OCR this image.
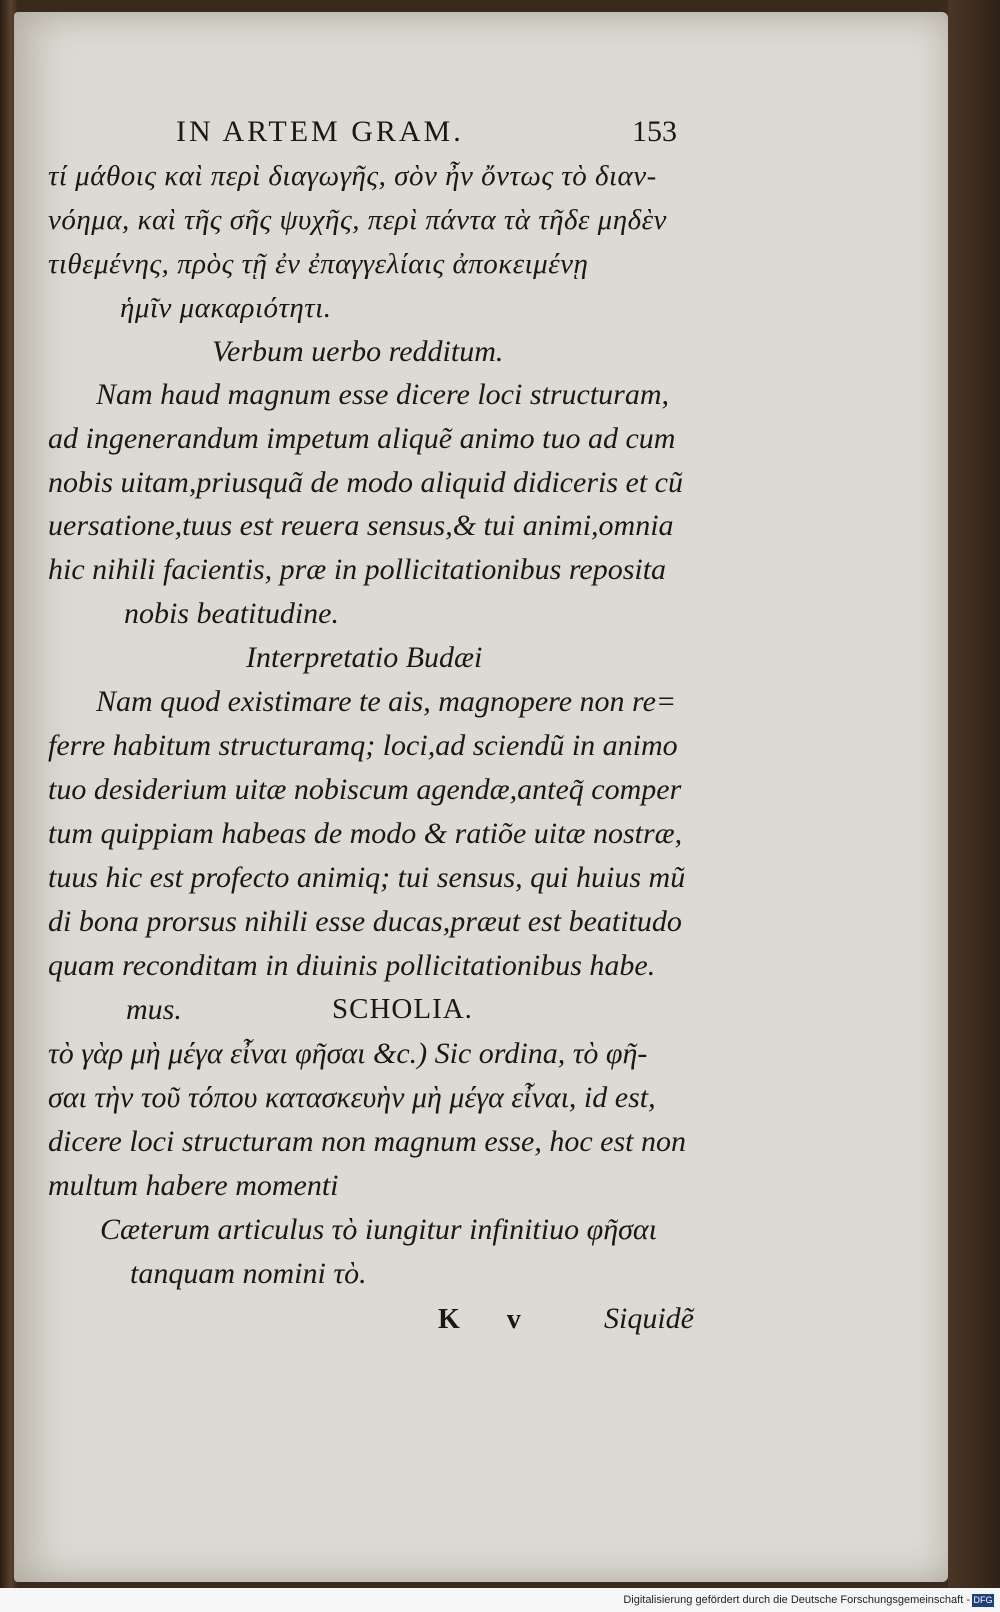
IN ARTEM GRAM.	153
τί μάθοις καὶ περὶ διαγωγῆς, σὸν ἦν ὄντως τὸ διαν-
νόημα, καὶ τῆς σῆς ψυχῆς, περὶ πάντα τὰ τῆδε μηδὲν
τιθεμένης, πρὸς τῇ ἐν ἐπαγγελίαις ἀποκειμένῃ
ἡμῖν μακαριότητι.
Verbum uerbo redditum.
Nam haud magnum esse dicere loci structuram,
ad ingenerandum impetum aliquẽ animo tuo ad cum
nobis uitam,priusquã de modo aliquid didiceris et cũ
uersatione,tuus est reuera sensus,& tui animi,omnia
hic nihili facientis, præ in pollicitationibus reposita
nobis beatitudine.
Interpretatio Budæi
Nam quod existimare te ais, magnopere non re=
ferre habitum structuramq; loci,ad sciendũ in animo
tuo desiderium uitæ nobiscum agendæ,anteq̃ comper
tum quippiam habeas de modo & ratiõe uitæ nostræ,
tuus hic est profecto animiq; tui sensus, qui huius mũ
di bona prorsus nihili esse ducas,præut est beatitudo
quam reconditam in diuinis pollicitationibus habe.
mus.	SCHOLIA.
τὸ γὰρ μὴ μέγα εἶναι φῆσαι &c.) Sic ordina, τὸ φῆ-
σαι τὴν τοῦ τόπου κατασκευὴν μὴ μέγα εἶναι, id est,
dicere loci structuram non magnum esse, hoc est non
multum habere momenti
Cæterum articulus τὸ iungitur infinitiuo φῆσαι
tanquam nomini τὸ.
K v	Siquidẽ
Digitalisierung gefördert durch die Deutsche Forschungsgemeinschaft - DFG
